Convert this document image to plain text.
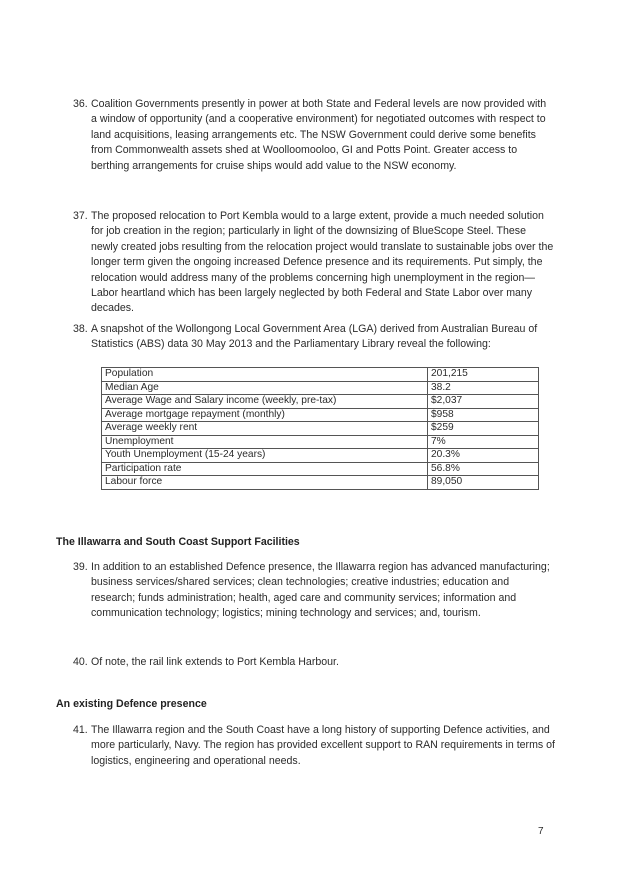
36. Coalition Governments presently in power at both State and Federal levels are now provided with a window of opportunity (and a cooperative environment) for negotiated outcomes with respect to land acquisitions, leasing arrangements etc. The NSW Government could derive some benefits from Commonwealth assets shed at Woolloomooloo, GI and Potts Point. Greater access to berthing arrangements for cruise ships would add value to the NSW economy.
37. The proposed relocation to Port Kembla would to a large extent, provide a much needed solution for job creation in the region; particularly in light of the downsizing of BlueScope Steel. These newly created jobs resulting from the relocation project would translate to sustainable jobs over the longer term given the ongoing increased Defence presence and its requirements. Put simply, the relocation would address many of the problems concerning high unemployment in the region—Labor heartland which has been largely neglected by both Federal and State Labor over many decades.
38. A snapshot of the Wollongong Local Government Area (LGA) derived from Australian Bureau of Statistics (ABS) data 30 May 2013 and the Parliamentary Library reveal the following:
Population	201,215
Median Age	38.2
Average Wage and Salary income (weekly, pre-tax)	$2,037
Average mortgage repayment (monthly)	$958
Average weekly rent	$259
Unemployment	7%
Youth Unemployment (15-24 years)	20.3%
Participation rate	56.8%
Labour force	89,050
The Illawarra and South Coast Support Facilities
39. In addition to an established Defence presence, the Illawarra region has advanced manufacturing; business services/shared services; clean technologies; creative industries; education and research; funds administration; health, aged care and community services; information and communication technology; logistics; mining technology and services; and, tourism.
40. Of note, the rail link extends to Port Kembla Harbour.
An existing Defence presence
41. The Illawarra region and the South Coast have a long history of supporting Defence activities, and more particularly, Navy. The region has provided excellent support to RAN requirements in terms of logistics, engineering and operational needs.
7
